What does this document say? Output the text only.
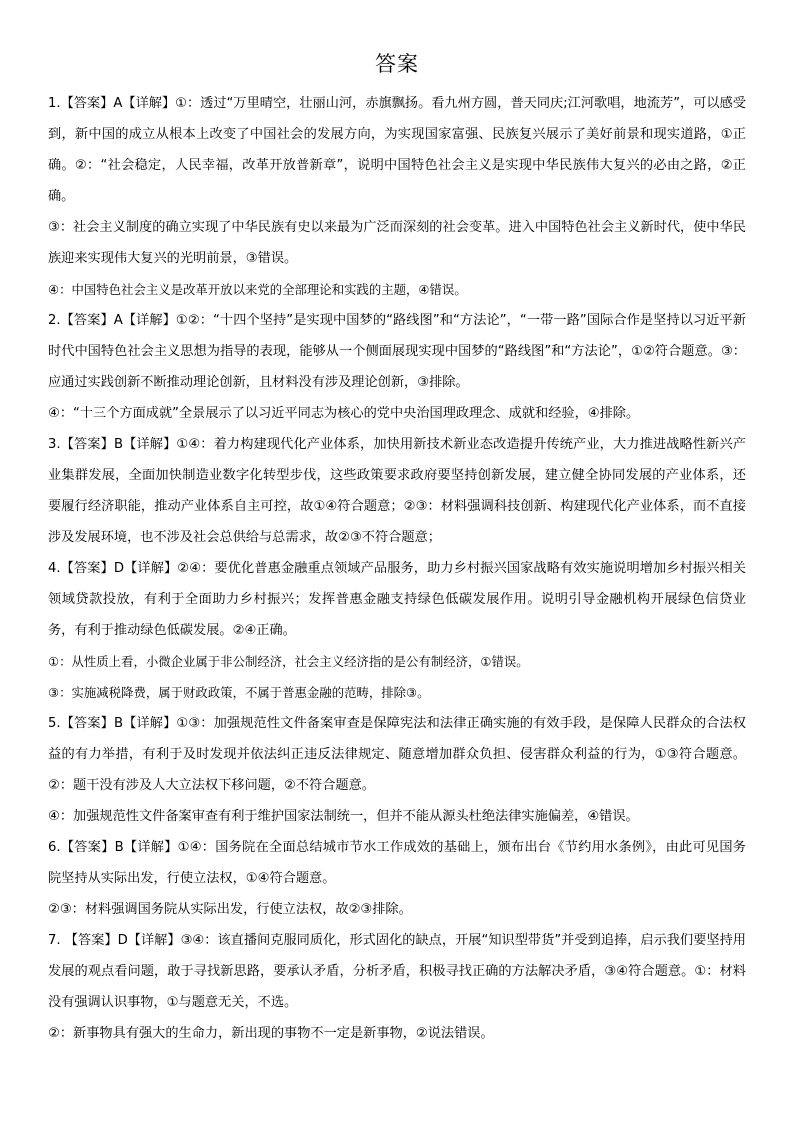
答案

1.【答案】A【详解】①：透过“万里晴空，壮丽山河，赤旗飘扬。看九州方圆，普天同庆;江河歌唱，地流芳”，可以感受到，新中国的成立从根本上改变了中国社会的发展方向，为实现国家富强、民族复兴展示了美好前景和现实道路，①正确。②：“社会稳定，人民幸福，改革开放普新章”，说明中国特色社会主义是实现中华民族伟大复兴的必由之路，②正确。

③：社会主义制度的确立实现了中华民族有史以来最为广泛而深刻的社会变革。进入中国特色社会主义新时代，使中华民族迎来实现伟大复兴的光明前景，③错误。

④：中国特色社会主义是改革开放以来党的全部理论和实践的主题，④错误。

2.【答案】A【详解】①②：“十四个坚持”是实现中国梦的“路线图”和“方法论”，“一带一路”国际合作是坚持以习近平新时代中国特色社会主义思想为指导的表现，能够从一个侧面展现实现中国梦的“路线图”和“方法论”，①②符合题意。③：应通过实践创新不断推动理论创新，且材料没有涉及理论创新，③排除。

④：“十三个方面成就”全景展示了以习近平同志为核心的党中央治国理政理念、成就和经验，④排除。

3.【答案】B【详解】①④：着力构建现代化产业体系，加快用新技术新业态改造提升传统产业，大力推进战略性新兴产业集群发展，全面加快制造业数字化转型步伐，这些政策要求政府要坚持创新发展，建立健全协同发展的产业体系，还要履行经济职能，推动产业体系自主可控，故①④符合题意；②③：材料强调科技创新、构建现代化产业体系，而不直接涉及发展环境，也不涉及社会总供给与总需求，故②③不符合题意；

4.【答案】D【详解】②④：要优化普惠金融重点领域产品服务，助力乡村振兴国家战略有效实施说明增加乡村振兴相关领域贷款投放，有利于全面助力乡村振兴；发挥普惠金融支持绿色低碳发展作用。说明引导金融机构开展绿色信贷业务，有利于推动绿色低碳发展。②④正确。

①：从性质上看，小微企业属于非公制经济，社会主义经济指的是公有制经济，①错误。

③：实施减税降费，属于财政政策，不属于普惠金融的范畴，排除③。

5.【答案】B【详解】①③：加强规范性文件备案审查是保障宪法和法律正确实施的有效手段，是保障人民群众的合法权益的有力举措，有利于及时发现并依法纠正违反法律规定、随意增加群众负担、侵害群众利益的行为，①③符合题意。②：题干没有涉及人大立法权下移问题，②不符合题意。

④：加强规范性文件备案审查有利于维护国家法制统一，但并不能从源头杜绝法律实施偏差，④错误。

6.【答案】B【详解】①④：国务院在全面总结城市节水工作成效的基础上，颁布出台《节约用水条例》，由此可见国务院坚持从实际出发，行使立法权，①④符合题意。

②③：材料强调国务院从实际出发，行使立法权，故②③排除。

7. 【答案】D【详解】③④：该直播间克服同质化，形式固化的缺点，开展“知识型带货”并受到追捧，启示我们要坚持用发展的观点看问题，敢于寻找新思路，要承认矛盾，分析矛盾，积极寻找正确的方法解决矛盾，③④符合题意。①：材料没有强调认识事物，①与题意无关，不选。

②：新事物具有强大的生命力，新出现的事物不一定是新事物，②说法错误。
